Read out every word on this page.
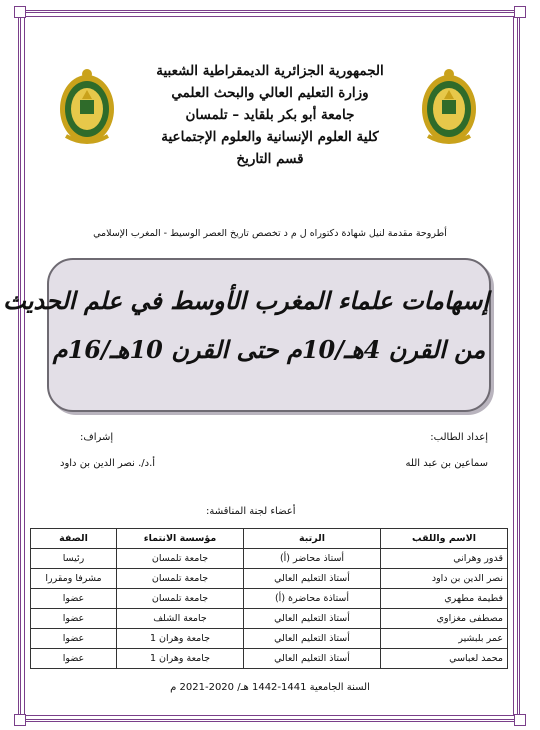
الجمهورية الجزائرية الديمقراطية الشعبية
وزارة التعليم العالي والبحث العلمي
جامعة أبو بكر بلقايد – تلمسان
كلية العلوم الإنسانية والعلوم الإجتماعية
قسم التاريخ
أطروحة مقدمة لنيل شهادة دكتوراه ل م د تخصص تاريخ العصر الوسيط - المغرب الإسلامي
إسهامات علماء المغرب الأوسط في علم الحديث
من القرن 4هـ/10م حتى القرن 10هـ/16م
إعداد الطالب:
سماعين بن عبد الله
إشراف:
أ.د/. نصر الدين بن داود
أعضاء لجنة المناقشة:
الاسم واللقب	الرتبة	مؤسسة الانتماء	الصفة
قدور وهراني	أستاذ محاضر (أ)	جامعة تلمسان	رئيسا
نصر الدين بن داود	أستاذ التعليم العالي	جامعة تلمسان	مشرفا ومقررا
فطيمة مطهري	أستاذة محاضرة (أ)	جامعة تلمسان	عضوا
مصطفى مغزاوي	أستاذ التعليم العالي	جامعة الشلف	عضوا
عمر بلبشير	أستاذ التعليم العالي	جامعة وهران 1	عضوا
محمد لعباسي	أستاذ التعليم العالي	جامعة وهران 1	عضوا
السنة الجامعية 1441-1442 هـ/ 2020-2021 م
